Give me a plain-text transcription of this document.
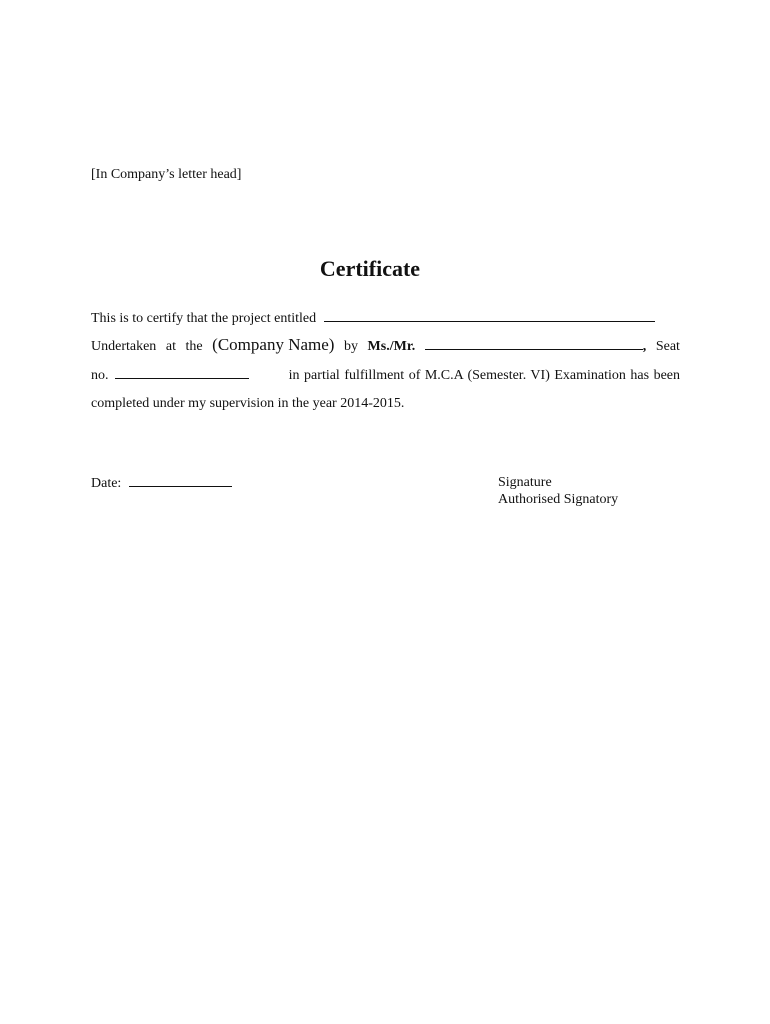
[In Company’s letter head]
Certificate
This is to certify that the project entitled
Undertaken at the (Company Name) by Ms./Mr.	, Seat
no.	in partial fulfillment of M.C.A (Semester. VI) Examination has been
completed under my supervision in the year 2014-2015.
Date:	Signature
Authorised Signatory
